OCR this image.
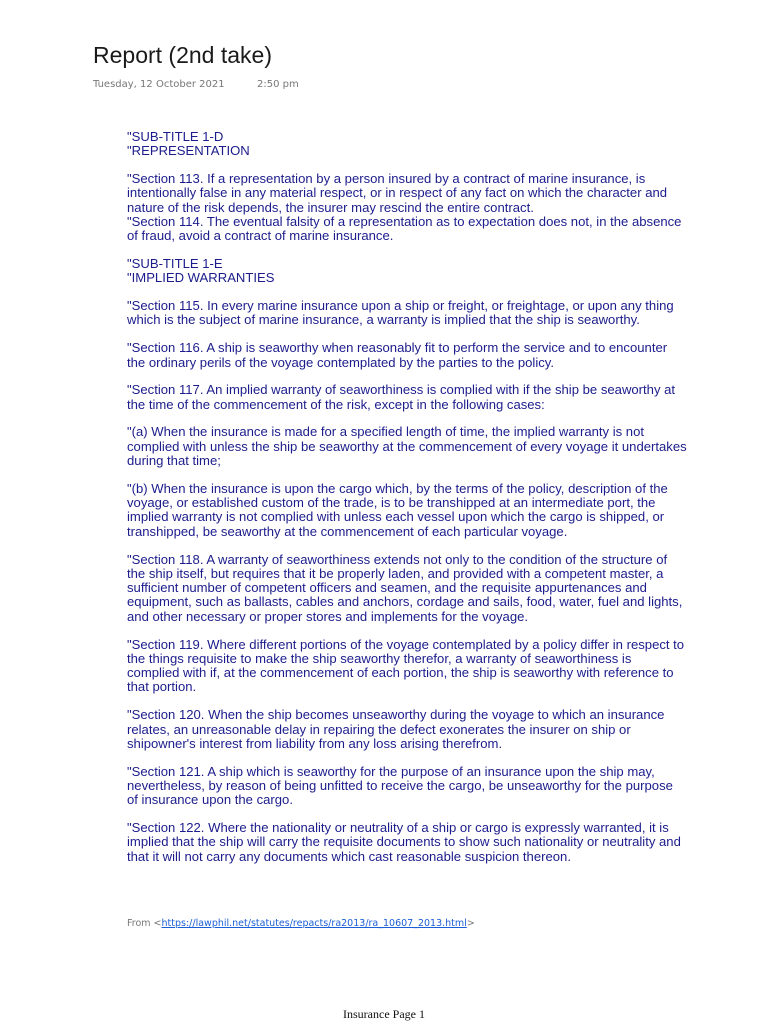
Report (2nd take)
Tuesday, 12 October 2021	2:50 pm

"SUB-TITLE 1-D

"REPRESENTATION

"Section 113. If a representation by a person insured by a contract of marine insurance, is intentionally false in any material respect, or in respect of any fact on which the character and nature of the risk depends, the insurer may rescind the entire contract.

"Section 114. The eventual falsity of a representation as to expectation does not, in the absence of fraud, avoid a contract of marine insurance.

"SUB-TITLE 1-E

"IMPLIED WARRANTIES

"Section 115. In every marine insurance upon a ship or freight, or freightage, or upon any thing which is the subject of marine insurance, a warranty is implied that the ship is seaworthy.

"Section 116. A ship is seaworthy when reasonably fit to perform the service and to encounter the ordinary perils of the voyage contemplated by the parties to the policy.

"Section 117. An implied warranty of seaworthiness is complied with if the ship be seaworthy at the time of the commencement of the risk, except in the following cases:

"(a) When the insurance is made for a specified length of time, the implied warranty is not complied with unless the ship be seaworthy at the commencement of every voyage it undertakes during that time;

"(b) When the insurance is upon the cargo which, by the terms of the policy, description of the voyage, or established custom of the trade, is to be transhipped at an intermediate port, the implied warranty is not complied with unless each vessel upon which the cargo is shipped, or transhipped, be seaworthy at the commencement of each particular voyage.

"Section 118. A warranty of seaworthiness extends not only to the condition of the structure of the ship itself, but requires that it be properly laden, and provided with a competent master, a sufficient number of competent officers and seamen, and the requisite appurtenances and equipment, such as ballasts, cables and anchors, cordage and sails, food, water, fuel and lights, and other necessary or proper stores and implements for the voyage.

"Section 119. Where different portions of the voyage contemplated by a policy differ in respect to the things requisite to make the ship seaworthy therefor, a warranty of seaworthiness is complied with if, at the commencement of each portion, the ship is seaworthy with reference to that portion.

"Section 120. When the ship becomes unseaworthy during the voyage to which an insurance relates, an unreasonable delay in repairing the defect exonerates the insurer on ship or shipowner's interest from liability from any loss arising therefrom.

"Section 121. A ship which is seaworthy for the purpose of an insurance upon the ship may, nevertheless, by reason of being unfitted to receive the cargo, be unseaworthy for the purpose of insurance upon the cargo.

"Section 122. Where the nationality or neutrality of a ship or cargo is expressly warranted, it is implied that the ship will carry the requisite documents to show such nationality or neutrality and that it will not carry any documents which cast reasonable suspicion thereon.

From <https://lawphil.net/statutes/repacts/ra2013/ra_10607_2013.html>
Insurance Page 1
